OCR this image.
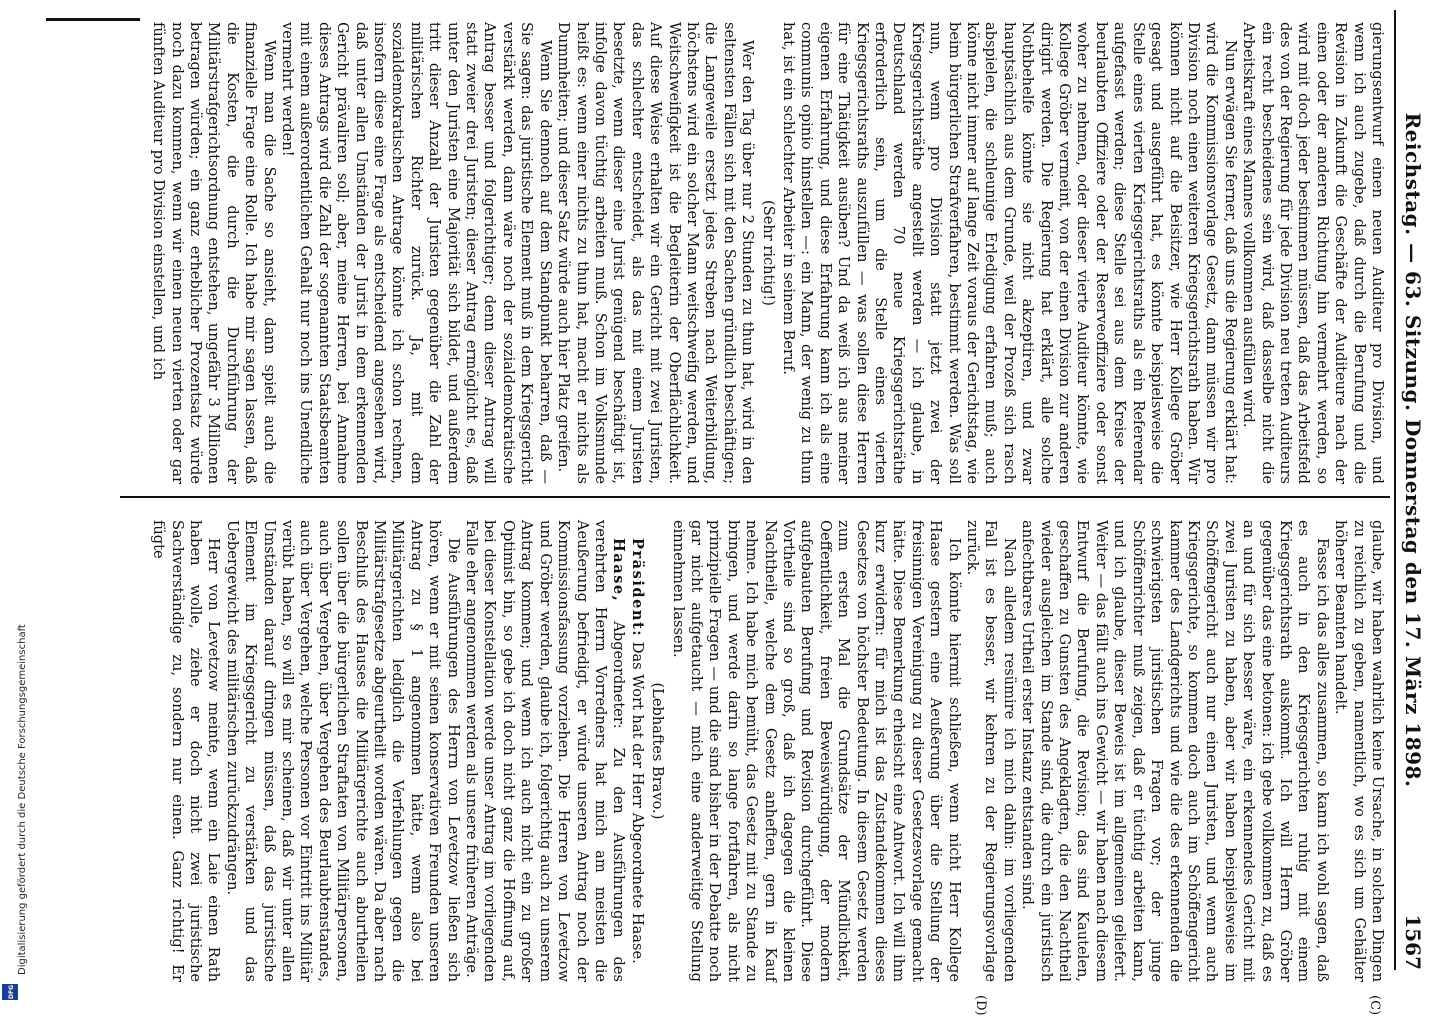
Digitalisierung gefördert durch die Deutsche Forschungsgemeinschaft
DFG
Reichstag. — 63. Sitzung. Donnerstag den 17. März 1898.
1567
(C)
(D)

gierungsentwurf einen neuen Auditeur pro Division, und wenn ich auch zugebe, daß durch die Berufung und die Revision in Zukunft die Geschäfte der Auditeure nach der einen oder der anderen Richtung hin vermehrt werden, so wird mit doch jeder bestimmen müssen, daß das Arbeitsfeld des von der Regierung für jede Division neu treten Auditeurs ein recht bescheidenes sein wird, daß dasselbe nicht die Arbeitskraft eines Mannes vollkommen ausfüllen wird.

Nun erwägen Sie ferner, daß uns die Regierung erklärt hat: wird die Kommissionsvorlage Gesetz, dann müssen wir pro Division noch einen weiteren Kriegsgerichtsrath haben. Wir können nicht auf die Beisitzer, wie Herr Kollege Gröber gesagt und ausgeführt hat, es könnte beispielsweise die Stelle eines vierten Kriegsgerichtsraths als ein Referendar aufgefasst werden; diese Stelle sei aus dem Kreise der beurlaubten Offiziere oder der Reserveoffiziere oder sonst woher zu nehmen, oder dieser vierte Auditeur könnte, wie Kollege Gröber vermeint, von der einen Division zur anderen dirigirt werden. Die Regierung hat erklärt, alle solche Nothbehelfe könnte sie nicht akzeptiren, und zwar hauptsächlich aus dem Grunde, weil der Prozeß sich rasch abspielen, die schleunige Erledigung erfahren muß; auch könne nicht immer auf lange Zeit voraus der Gerichtstag, wie beim bürgerlichen Strafverfahren, bestimmt werden. Was soll nun, wenn pro Division statt jetzt zwei der Kriegsgerichtsräthe angestellt werden — ich glaube, in Deutschland werden 70 neue Kriegsgerichtsräthe erforderlich sein, um die Stelle eines vierten Kriegsgerichtsraths auszufüllen — was sollen diese Herren für eine Thätigkeit ausüben? Und da weiß ich aus meiner eigenen Erfahrung, und diese Erfahrung kann ich als eine communis opinio hinstellen —: ein Mann, der wenig zu thun hat, ist ein schlechter Arbeiter in seinem Beruf.

(Sehr richtig!)

Wer den Tag über nur 2 Stunden zu thun hat, wird in den seltensten Fällen sich mit den Sachen gründlich beschäftigen; die Langeweile ersetzt jedes Streben nach Weiterbildung, höchstens wird ein solcher Mann weitschweifig werden, und Weitschweifigkeit ist die Begleiterin der Oberflächlichkeit. Auf diese Weise erhalten wir ein Gericht mit zwei Juristen, das schlechter entscheidet, als das mit einem Juristen besetzte, wenn dieser eine Jurist genügend beschäftigt ist, infolge davon tüchtig arbeiten muß. Schon im Volksmunde heißt es: wenn einer nichts zu thun hat, macht er nichts als Dummheiten; und dieser Satz würde auch hier Platz greifen.

Wenn Sie dennoch auf dem Standpunkt beharren, daß — Sie sagen: das juristische Element muß in dem Kriegsgericht verstärkt werden, dann wäre noch der sozialdemokratische Antrag besser und folgerichtiger; denn dieser Antrag will statt zweier drei Juristen; dieser Antrag ermöglicht es, daß unter den Juristen eine Majorität sich bildet, und außerdem tritt dieser Anzahl der Juristen gegenüber die Zahl der militärischen Richter zurück. Ja, mit dem sozialdemokratischen Antrage könnte ich schon rechnen, insofern diese eine Frage als entscheidend angesehen wird, daß unter allen Umständen der Jurist in dem erkennenden Gericht prävaliren soll; aber, meine Herren, bei Annahme dieses Antrags wird die Zahl der sogenannten Staatsbeamten mit einem außerordentlichen Gehalt nur noch ins Unendliche vermehrt werden!

Wenn man die Sache so ansieht, dann spielt auch die finanzielle Frage eine Rolle. Ich habe mir sagen lassen, daß die Kosten, die durch die Durchführung der Militärstrafgerichtsordnung entstehen, ungefähr 3 Millionen betragen würden; ein ganz erheblicher Prozentsatz würde noch dazu kommen, wenn wir einen neuen vierten oder gar fünften Auditeur pro Division einstellen, und ich

glaube, wir haben wahrlich keine Ursache, in solchen Dingen zu reichlich zu geben, namentlich, wo es sich um Gehälter höherer Beamten handelt.

Fasse ich das alles zusammen, so kann ich wohl sagen, daß es auch in den Kriegsgerichten ruhig mit einem Kriegsgerichtsrath auskommt. Ich will Herrn Gröber gegenüber das eine betonen: ich gebe vollkommen zu, daß es an und für sich besser wäre, ein erkennendes Gericht mit zwei Juristen zu haben, aber wir haben beispielsweise im Schöffengericht auch nur einen Juristen, und wenn auch Kriegsgerichte, so kommen doch auch im Schöffengericht kammer des Landgerichts und wie die des erkennenden die schwierigsten juristischen Fragen vor; der junge Schöffenrichter muß zeigen, daß er tüchtig arbeiten kann, und ich glaube, dieser Beweis ist im allgemeinen geliefert. Weiter — das fällt auch ins Gewicht — wir haben nach diesem Entwurf die Berufung, die Revision; das sind Kautelen, geschaffen zu Gunsten des Angeklagten, die den Nachtheil wieder ausgleichen im Stande sind, die durch ein juristisch anfechtbares Urtheil erster Instanz entstanden sind.

Nach alledem resümire ich mich dahin: im vorliegenden Fall ist es besser, wir kehren zu der Regierungsvorlage zurück.

Ich könnte hiermit schließen, wenn nicht Herr Kollege Haase gestern eine Aeußerung über die Stellung der freisinnigen Vereinigung zu dieser Gesetzesvorlage gemacht hätte. Diese Bemerkung erheischt eine Antwort. Ich will ihm kurz erwidern: für mich ist das Zustandekommen dieses Gesetzes von höchster Bedeutung. In diesem Gesetz werden zum ersten Mal die Grundsätze der Mündlichkeit, Oeffentlichkeit, freien Beweiswürdigung, der modern aufgebauten Berufung und Revision durchgeführt. Diese Vortheile sind so groß, daß ich dagegen die kleinen Nachtheile, welche dem Gesetz anheften, gern in Kauf nehme. Ich habe mich bemüht, das Gesetz mit zu Stande zu bringen, und werde darin so lange fortfahren, als nicht prinzipielle Fragen — und die sind bisher in der Debatte noch gar nicht aufgetaucht — mich eine anderweitige Stellung einnehmen lassen.

(Lebhaftes Bravo.)

Präsident: Das Wort hat der Herr Abgeordnete Haase.

Haase, Abgeordneter: Zu den Ausführungen des verehrten Herrn Vorredners hat mich am meisten die Aeußerung befriedigt, er würde unseren Antrag noch der Kommissionsfassung vorziehen. Die Herren von Levetzow und Gröber werden, glaube ich, folgerichtig auch zu unserem Antrag kommen; und wenn ich auch nicht ein zu großer Optimist bin, so gebe ich doch nicht ganz die Hoffnung auf, bei dieser Konstellation werde unser Antrag im vorliegenden Falle eher angenommen werden als unsere früheren Anträge.

Die Ausführungen des Herrn von Levetzow ließen sich hören, wenn er mit seinen konservativen Freunden unseren Antrag zu § 1 angenommen hätte, wenn also bei Militärgerichten lediglich die Verfehlungen gegen die Militärstrafgesetze abgeurtheilt worden wären. Da aber nach Beschluß des Hauses die Militärgerichte auch aburtheilen sollen über die bürgerlichen Straftaten von Militärpersonen, auch über Vergehen, über Vergehen des Beurlaubtenstandes, auch über Vergehen, welche Personen vor Eintritt ins Militär verübt haben, so will es mir scheinen, daß wir unter allen Umständen darauf dringen müssen, daß das juristische Element im Kriegsgericht zu verstärken und das Uebergewicht des militärischen zurückzudrängen.

Herr von Levetzow meinte, wenn ein Laie einen Rath haben wolle, ziehe er doch nicht zwei juristische Sachverständige zu, sondern nur einen. Ganz richtig! Er fügte
